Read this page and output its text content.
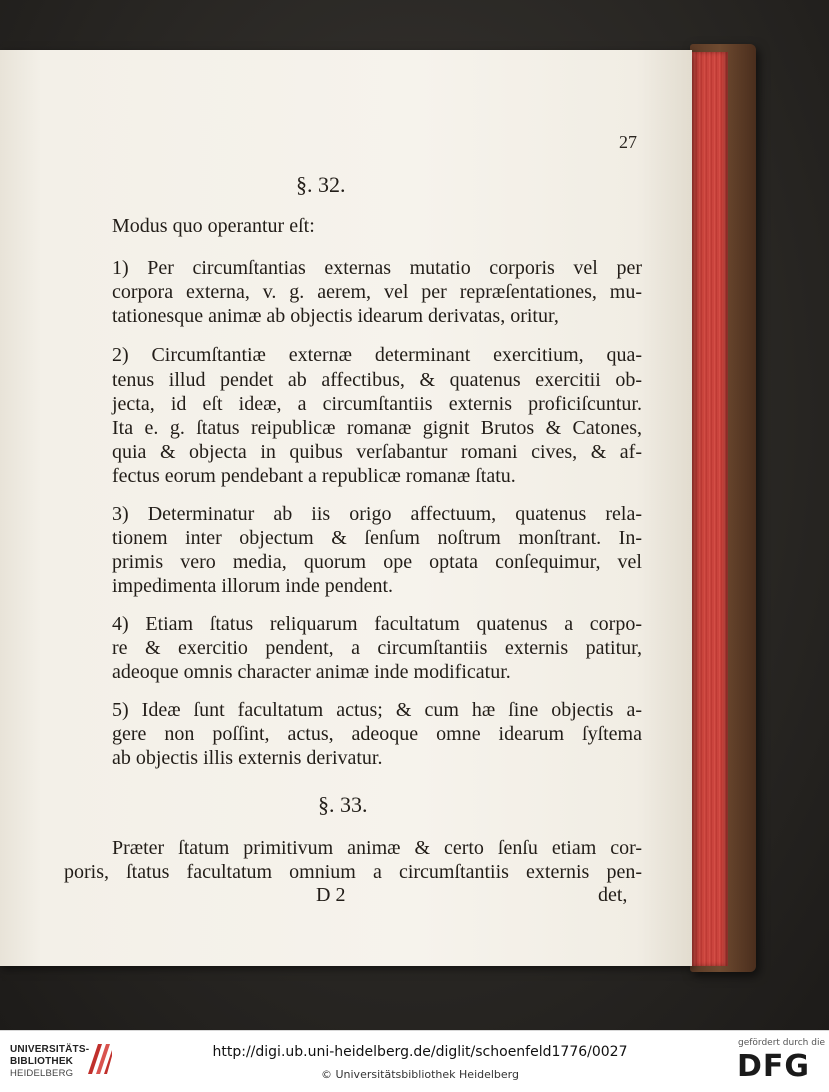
27
§. 32.
Modus quo operantur eſt:
1) Per circumſtantias externas mutatio corporis vel per
corpora externa, v. g. aerem, vel per repræſentationes, mu-
tationesque animæ ab objectis idearum derivatas, oritur,
2) Circumſtantiæ externæ determinant exercitium, qua-
tenus illud pendet ab affectibus, & quatenus exercitii ob-
jecta, id eſt ideæ, a circumſtantiis externis proficiſcuntur.
Ita e. g. ſtatus reipublicæ romanæ gignit Brutos & Catones,
quia & objecta in quibus verſabantur romani cives, & af-
fectus eorum pendebant a republicæ romanæ ſtatu.
3) Determinatur ab iis origo affectuum, quatenus rela-
tionem inter objectum & ſenſum noſtrum monſtrant. In-
primis vero media, quorum ope optata conſequimur, vel
impedimenta illorum inde pendent.
4) Etiam ſtatus reliquarum facultatum quatenus a corpo-
re & exercitio pendent, a circumſtantiis externis patitur,
adeoque omnis character animæ inde modificatur.
5) Ideæ ſunt facultatum actus; & cum hæ ſine objectis a-
gere non poſſint, actus, adeoque omne idearum ſyſtema
ab objectis illis externis derivatur.
§. 33.
Præter ſtatum primitivum animæ & certo ſenſu etiam cor-
poris, ſtatus facultatum omnium a circumſtantiis externis pen-
D 2	det,
UNIVERSITÄTS-
BIBLIOTHEK
HEIDELBERG
http://digi.ub.uni-heidelberg.de/diglit/schoenfeld1776/0027
© Universitätsbibliothek Heidelberg
gefördert durch die
DFG
